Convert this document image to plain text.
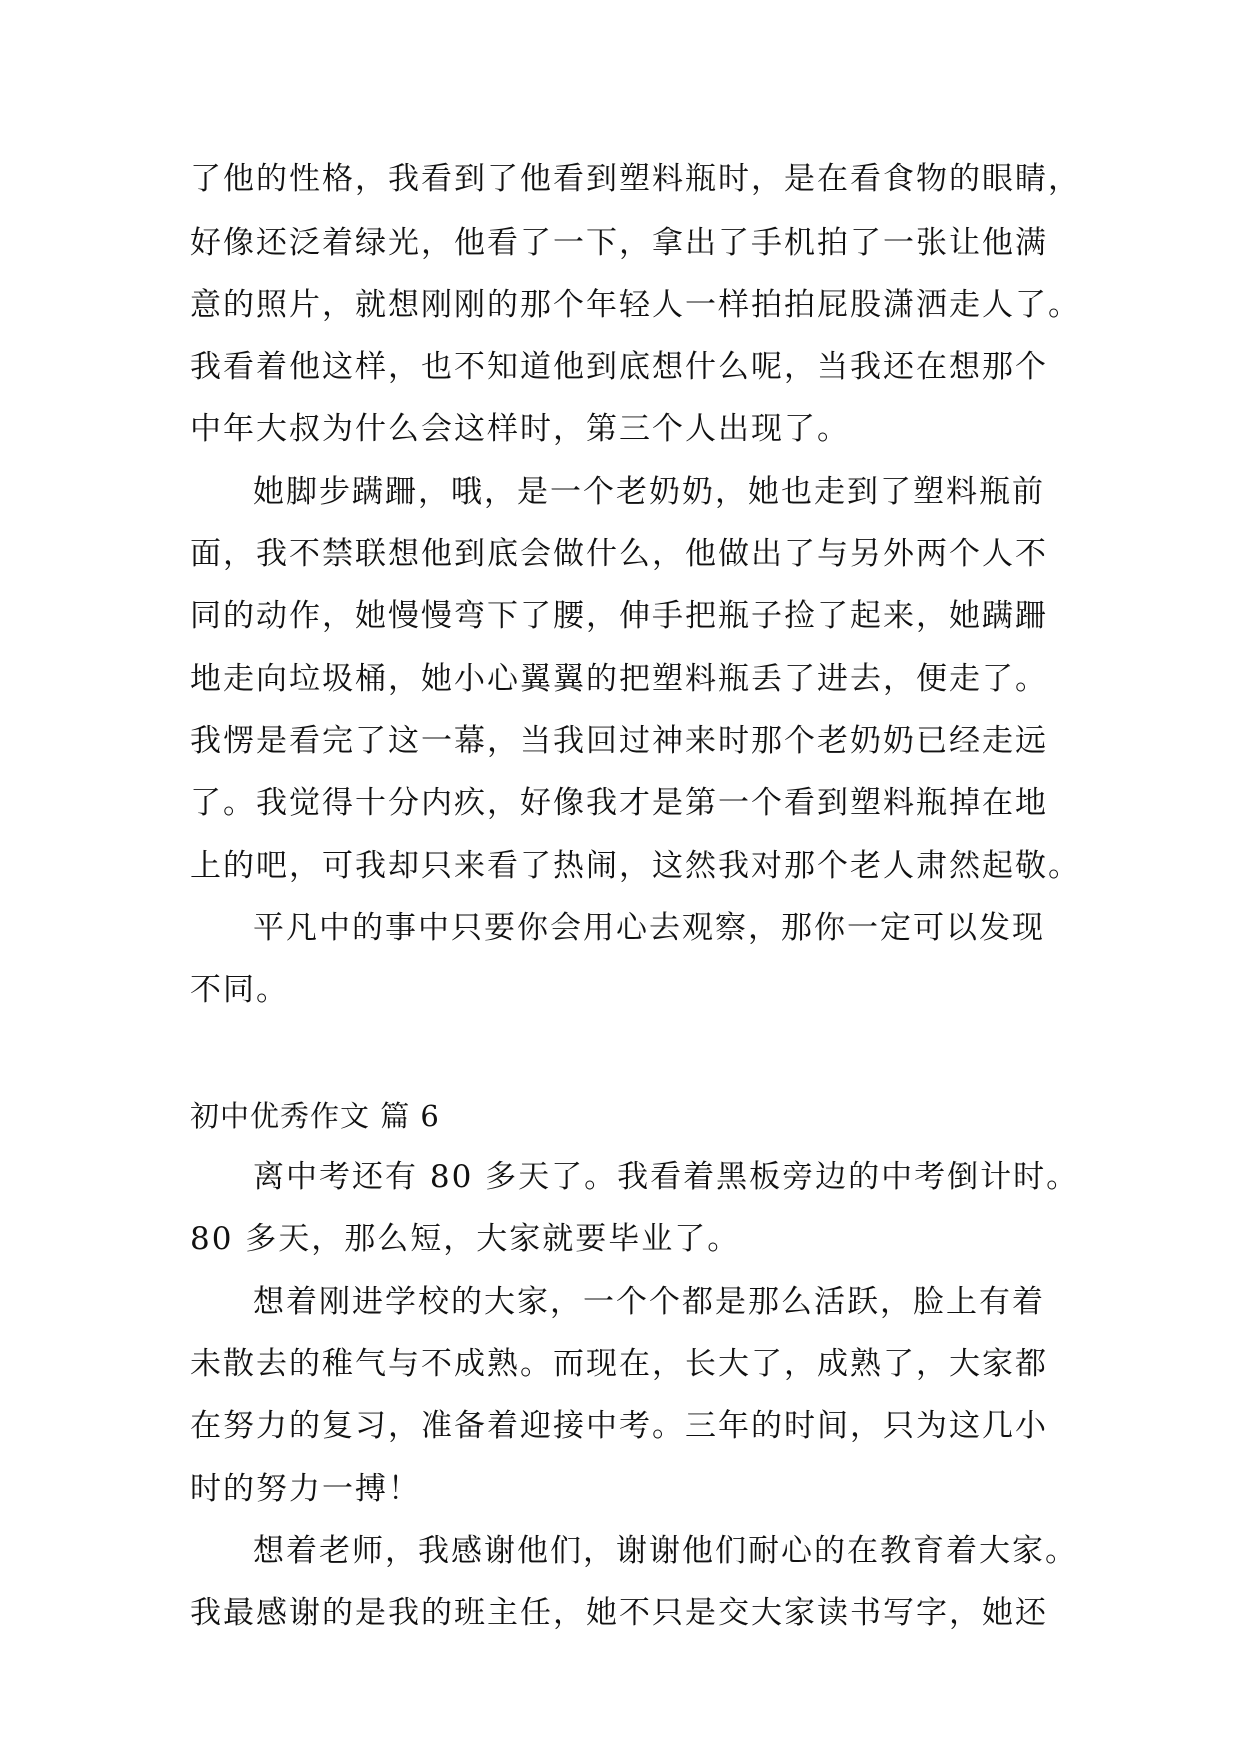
了他的性格，我看到了他看到塑料瓶时，是在看食物的眼睛，
好像还泛着绿光，他看了一下，拿出了手机拍了一张让他满
意的照片，就想刚刚的那个年轻人一样拍拍屁股潇洒走人了。
我看着他这样，也不知道他到底想什么呢，当我还在想那个
中年大叔为什么会这样时，第三个人出现了。
她脚步蹒跚，哦，是一个老奶奶，她也走到了塑料瓶前
面，我不禁联想他到底会做什么，他做出了与另外两个人不
同的动作，她慢慢弯下了腰，伸手把瓶子捡了起来，她蹒跚
地走向垃圾桶，她小心翼翼的把塑料瓶丢了进去，便走了。
我愣是看完了这一幕，当我回过神来时那个老奶奶已经走远
了。我觉得十分内疚，好像我才是第一个看到塑料瓶掉在地
上的吧，可我却只来看了热闹，这然我对那个老人肃然起敬。
平凡中的事中只要你会用心去观察，那你一定可以发现
不同。
初中优秀作文 篇 6
离中考还有 80 多天了。我看着黑板旁边的中考倒计时。
80 多天，那么短，大家就要毕业了。
想着刚进学校的大家，一个个都是那么活跃，脸上有着
未散去的稚气与不成熟。而现在，长大了，成熟了，大家都
在努力的复习，准备着迎接中考。三年的时间，只为这几小
时的努力一搏！
想着老师，我感谢他们，谢谢他们耐心的在教育着大家。
我最感谢的是我的班主任，她不只是交大家读书写字，她还
